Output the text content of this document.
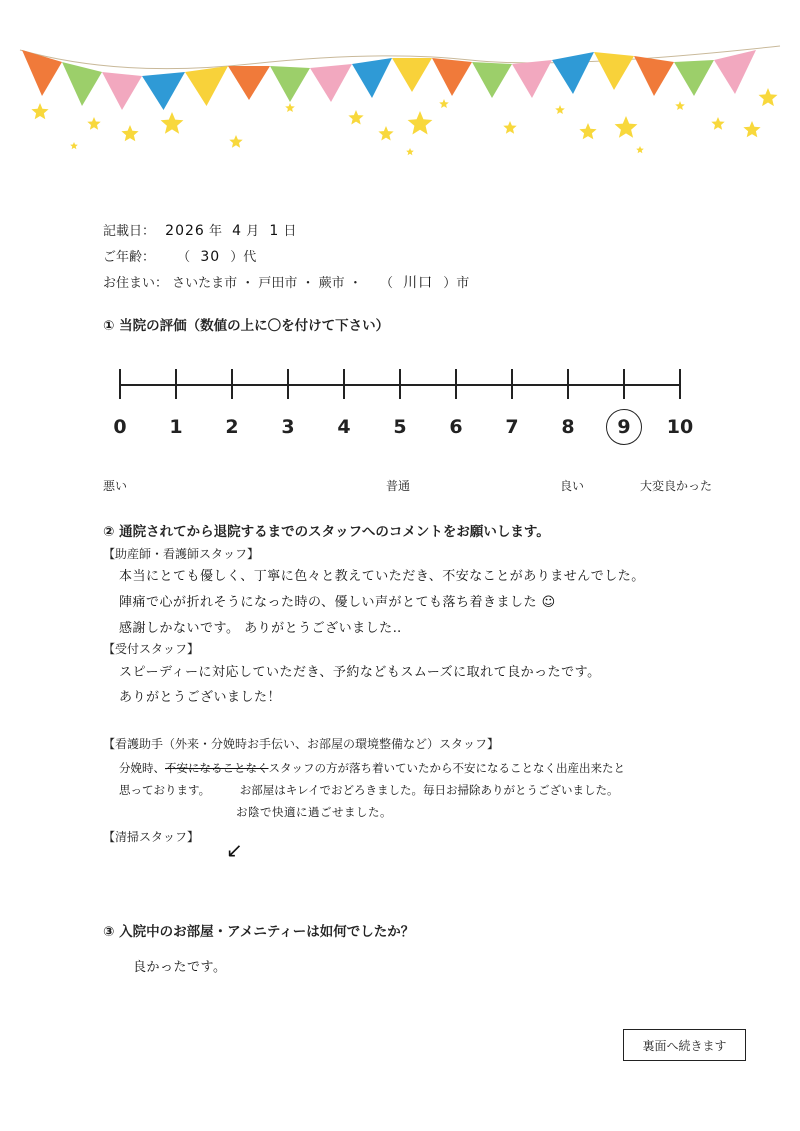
記載日： 2026 年 4 月 1 日
ご年齢： （ 30 ）代
お住まい： さいたま市 ・ 戸田市 ・ 蕨市 ・ （ 川口 ）市
① 当院の評価（数値の上に〇を付けて下さい）
0 1 2 3 4 5 6 7 8 9 10
悪い	普通	良い	大変良かった
② 通院されてから退院するまでのスタッフへのコメントをお願いします。
【助産師・看護師スタッフ】
本当にとても優しく、丁寧に色々と教えていただき、不安なことがありませんでした。
陣痛で心が折れそうになった時の、優しい声がとても落ち着きました ☺
感謝しかないです。 ありがとうございました‥
【受付スタッフ】
スピーディーに対応していただき、予約などもスムーズに取れて良かったです。
ありがとうございました！
【看護助手（外来・分娩時お手伝い、お部屋の環境整備など）スタッフ】
分娩時、不安になることなくスタッフの方が落ち着いていたから不安になることなく出産出来たと
思っております。	お部屋はキレイでおどろきました。毎日お掃除ありがとうございました。
お陰で快適に過ごせました。
【清掃スタッフ】
↙
③ 入院中のお部屋・アメニティーは如何でしたか？
良かったです。
裏面へ続きます
